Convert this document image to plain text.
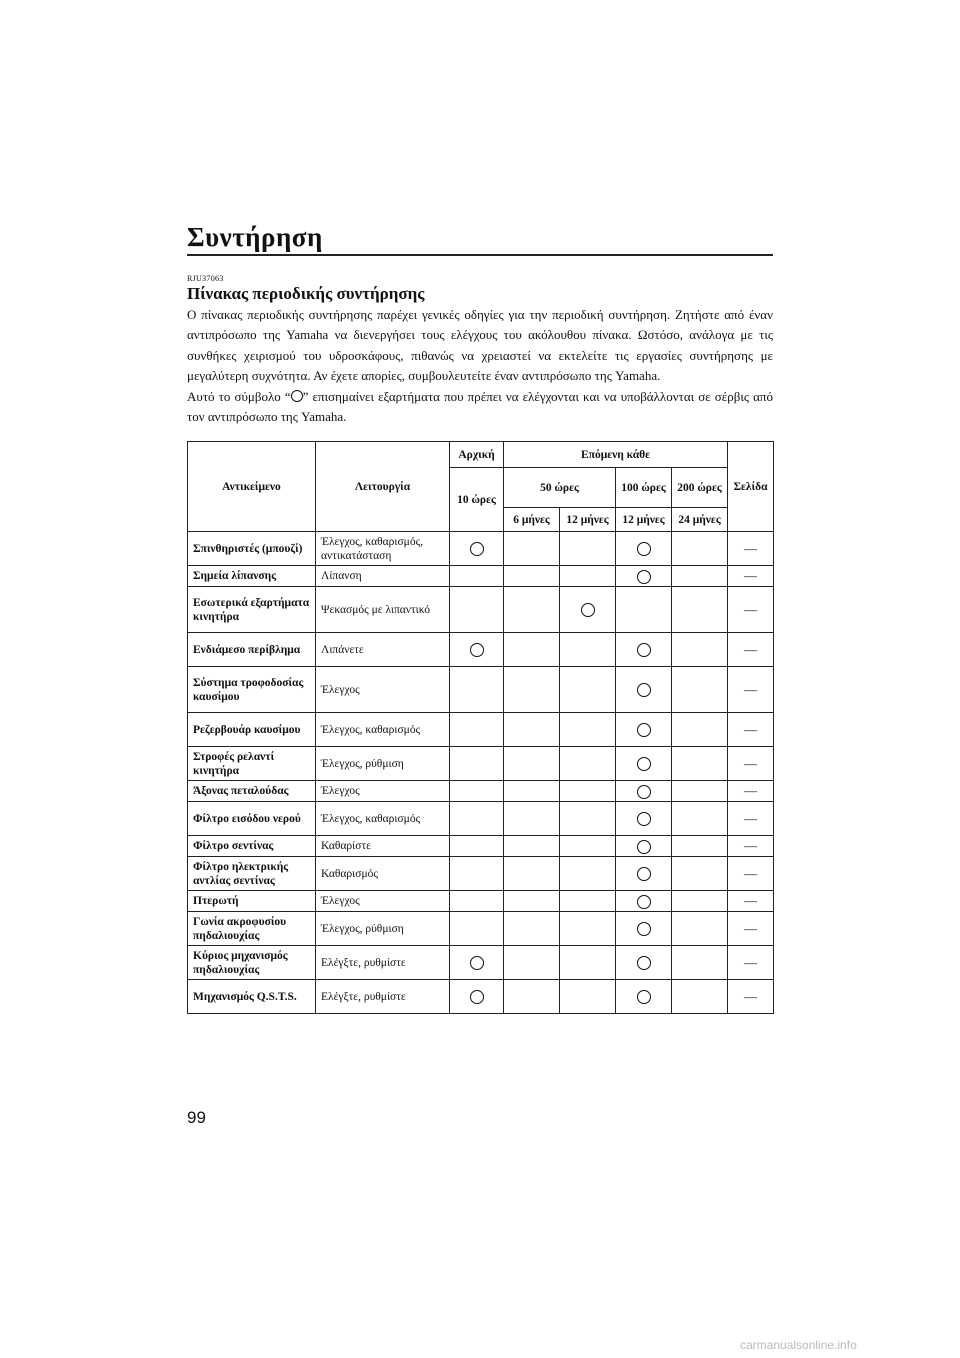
Συντήρηση
RJU37063
Πίνακας περιοδικής συντήρησης

Ο πίνακας περιοδικής συντήρησης παρέχει γενικές οδηγίες για την περιοδική συντήρηση. Ζητήστε από έναν αντιπρόσωπο της Yamaha να διενεργήσει τους ελέγχους του ακόλουθου πίνακα. Ωστόσο, ανάλογα με τις συνθήκες χειρισμού του υδροσκάφους, πιθανώς να χρειαστεί να εκτελείτε τις εργασίες συντήρησης με μεγαλύτερη συχνότητα. Αν έχετε απορίες, συμβουλευτείτε έναν αντιπρόσωπο της Yamaha.

Αυτό το σύμβολο “ ” επισημαίνει εξαρτήματα που πρέπει να ελέγχονται και να υποβάλλονται σε σέρβις από τον αντιπρόσωπο της Yamaha.

Αντικείμενο	Λειτουργία	Αρχική	Επόμενη κάθε				Σελίδα
		10 ώρες	50 ώρες		100 ώρες	200 ώρες	
			6 μήνες	12 μήνες	12 μήνες	24 μήνες	
Σπινθηριστές (μπουζί)	Έλεγχος, καθαρισμός, αντικατάσταση						—
Σημεία λίπανσης	Λίπανση						—
Εσωτερικά εξαρτήματα κινητήρα	Ψεκασμός με λιπαντικό						—
Ενδιάμεσο περίβλημα	Λιπάνετε						—
Σύστημα τροφοδοσίας καυσίμου	Έλεγχος						—
Ρεζερβουάρ καυσίμου	Έλεγχος, καθαρισμός						—
Στροφές ρελαντί κινητήρα	Έλεγχος, ρύθμιση						—
Άξονας πεταλούδας	Έλεγχος						—
Φίλτρο εισόδου νερού	Έλεγχος, καθαρισμός						—
Φίλτρο σεντίνας	Καθαρίστε						—
Φίλτρο ηλεκτρικής αντλίας σεντίνας	Καθαρισμός						—
Πτερωτή	Έλεγχος						—
Γωνία ακροφυσίου πηδαλιουχίας	Έλεγχος, ρύθμιση						—
Κύριος μηχανισμός πηδαλιουχίας	Ελέγξτε, ρυθμίστε						—
Μηχανισμός Q.S.T.S.	Ελέγξτε, ρυθμίστε						—
99
carmanualsonline.info
